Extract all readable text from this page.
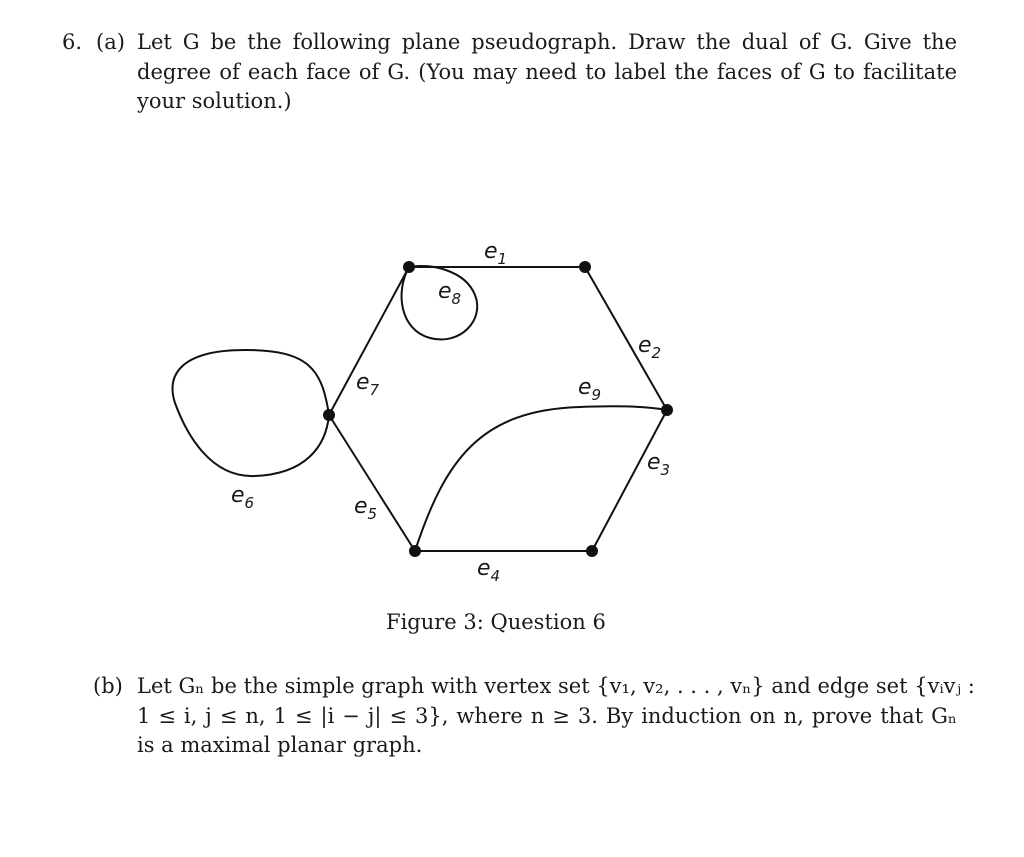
6. (a) Let G be the following plane pseudograph. Draw the dual of G. Give the
degree of each face of G. (You may need to label the faces of G to facilitate
your solution.)
$e_1$
$e_2$
$e_3$
$e_4$
$e_5$
$e_6$
$e_7$
$e_8$
$e_9$
Figure 3: Question 6
(b) Let Gₙ be the simple graph with vertex set {v₁, v₂, . . . , vₙ} and edge set {vᵢvⱼ :
1 ≤ i, j ≤ n, 1 ≤ |i − j| ≤ 3}, where n ≥ 3. By induction on n, prove that Gₙ
is a maximal planar graph.
